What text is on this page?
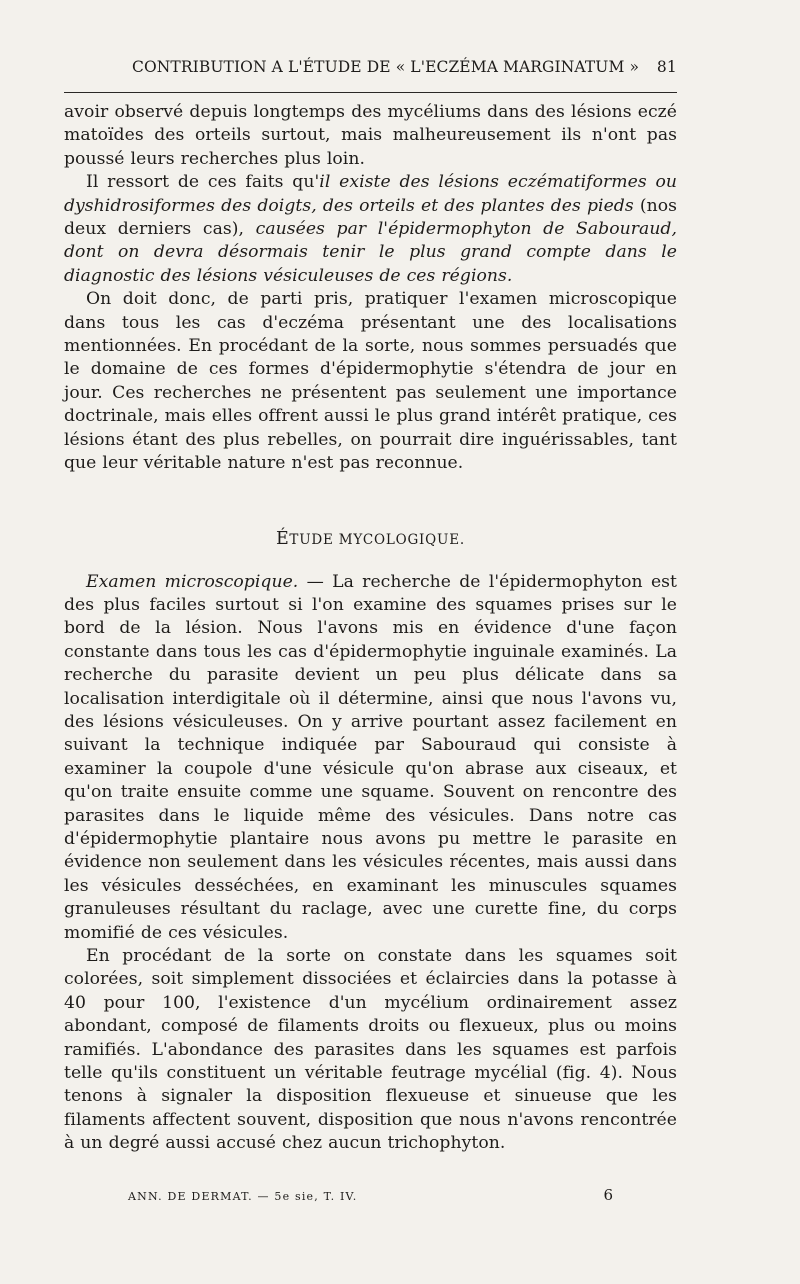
CONTRIBUTION A L'ÉTUDE DE « L'ECZÉMA MARGINATUM » 81

avoir observé depuis longtemps des mycéliums dans des lésions eczé matoïdes des orteils surtout, mais malheureusement ils n'ont pas poussé leurs recherches plus loin.

Il ressort de ces faits qu'il existe des lésions eczématiformes ou dyshidrosiformes des doigts, des orteils et des plantes des pieds (nos deux derniers cas), causées par l'épidermophyton de Sabouraud, dont on devra désormais tenir le plus grand compte dans le diagnostic des lésions vésiculeuses de ces régions.

On doit donc, de parti pris, pratiquer l'examen microscopique dans tous les cas d'eczéma présentant une des localisations mentionnées. En procédant de la sorte, nous sommes persuadés que le domaine de ces formes d'épidermophytie s'étendra de jour en jour. Ces recherches ne présentent pas seulement une importance doctrinale, mais elles offrent aussi le plus grand intérêt pratique, ces lésions étant des plus rebelles, on pourrait dire inguérissables, tant que leur véritable nature n'est pas reconnue.

ÉTUDE MYCOLOGIQUE.

Examen microscopique. — La recherche de l'épidermophyton est des plus faciles surtout si l'on examine des squames prises sur le bord de la lésion. Nous l'avons mis en évidence d'une façon constante dans tous les cas d'épidermophytie inguinale examinés. La recherche du parasite devient un peu plus délicate dans sa localisation interdigitale où il détermine, ainsi que nous l'avons vu, des lésions vésiculeuses. On y arrive pourtant assez facilement en suivant la technique indiquée par Sabouraud qui consiste à examiner la coupole d'une vésicule qu'on abrase aux ciseaux, et qu'on traite ensuite comme une squame. Souvent on rencontre des parasites dans le liquide même des vésicules. Dans notre cas d'épidermophytie plantaire nous avons pu mettre le parasite en évidence non seulement dans les vésicules récentes, mais aussi dans les vésicules desséchées, en examinant les minuscules squames granuleuses résultant du raclage, avec une curette fine, du corps momifié de ces vésicules.

En procédant de la sorte on constate dans les squames soit colorées, soit simplement dissociées et éclaircies dans la potasse à 40 pour 100, l'existence d'un mycélium ordinairement assez abondant, composé de filaments droits ou flexueux, plus ou moins ramifiés. L'abondance des parasites dans les squames est parfois telle qu'ils constituent un véritable feutrage mycélial (fig. 4). Nous tenons à signaler la disposition flexueuse et sinueuse que les filaments affectent souvent, disposition que nous n'avons rencontrée à un degré aussi accusé chez aucun trichophyton.

ANN. DE DERMAT. — 5e sie, T. IV.	6
